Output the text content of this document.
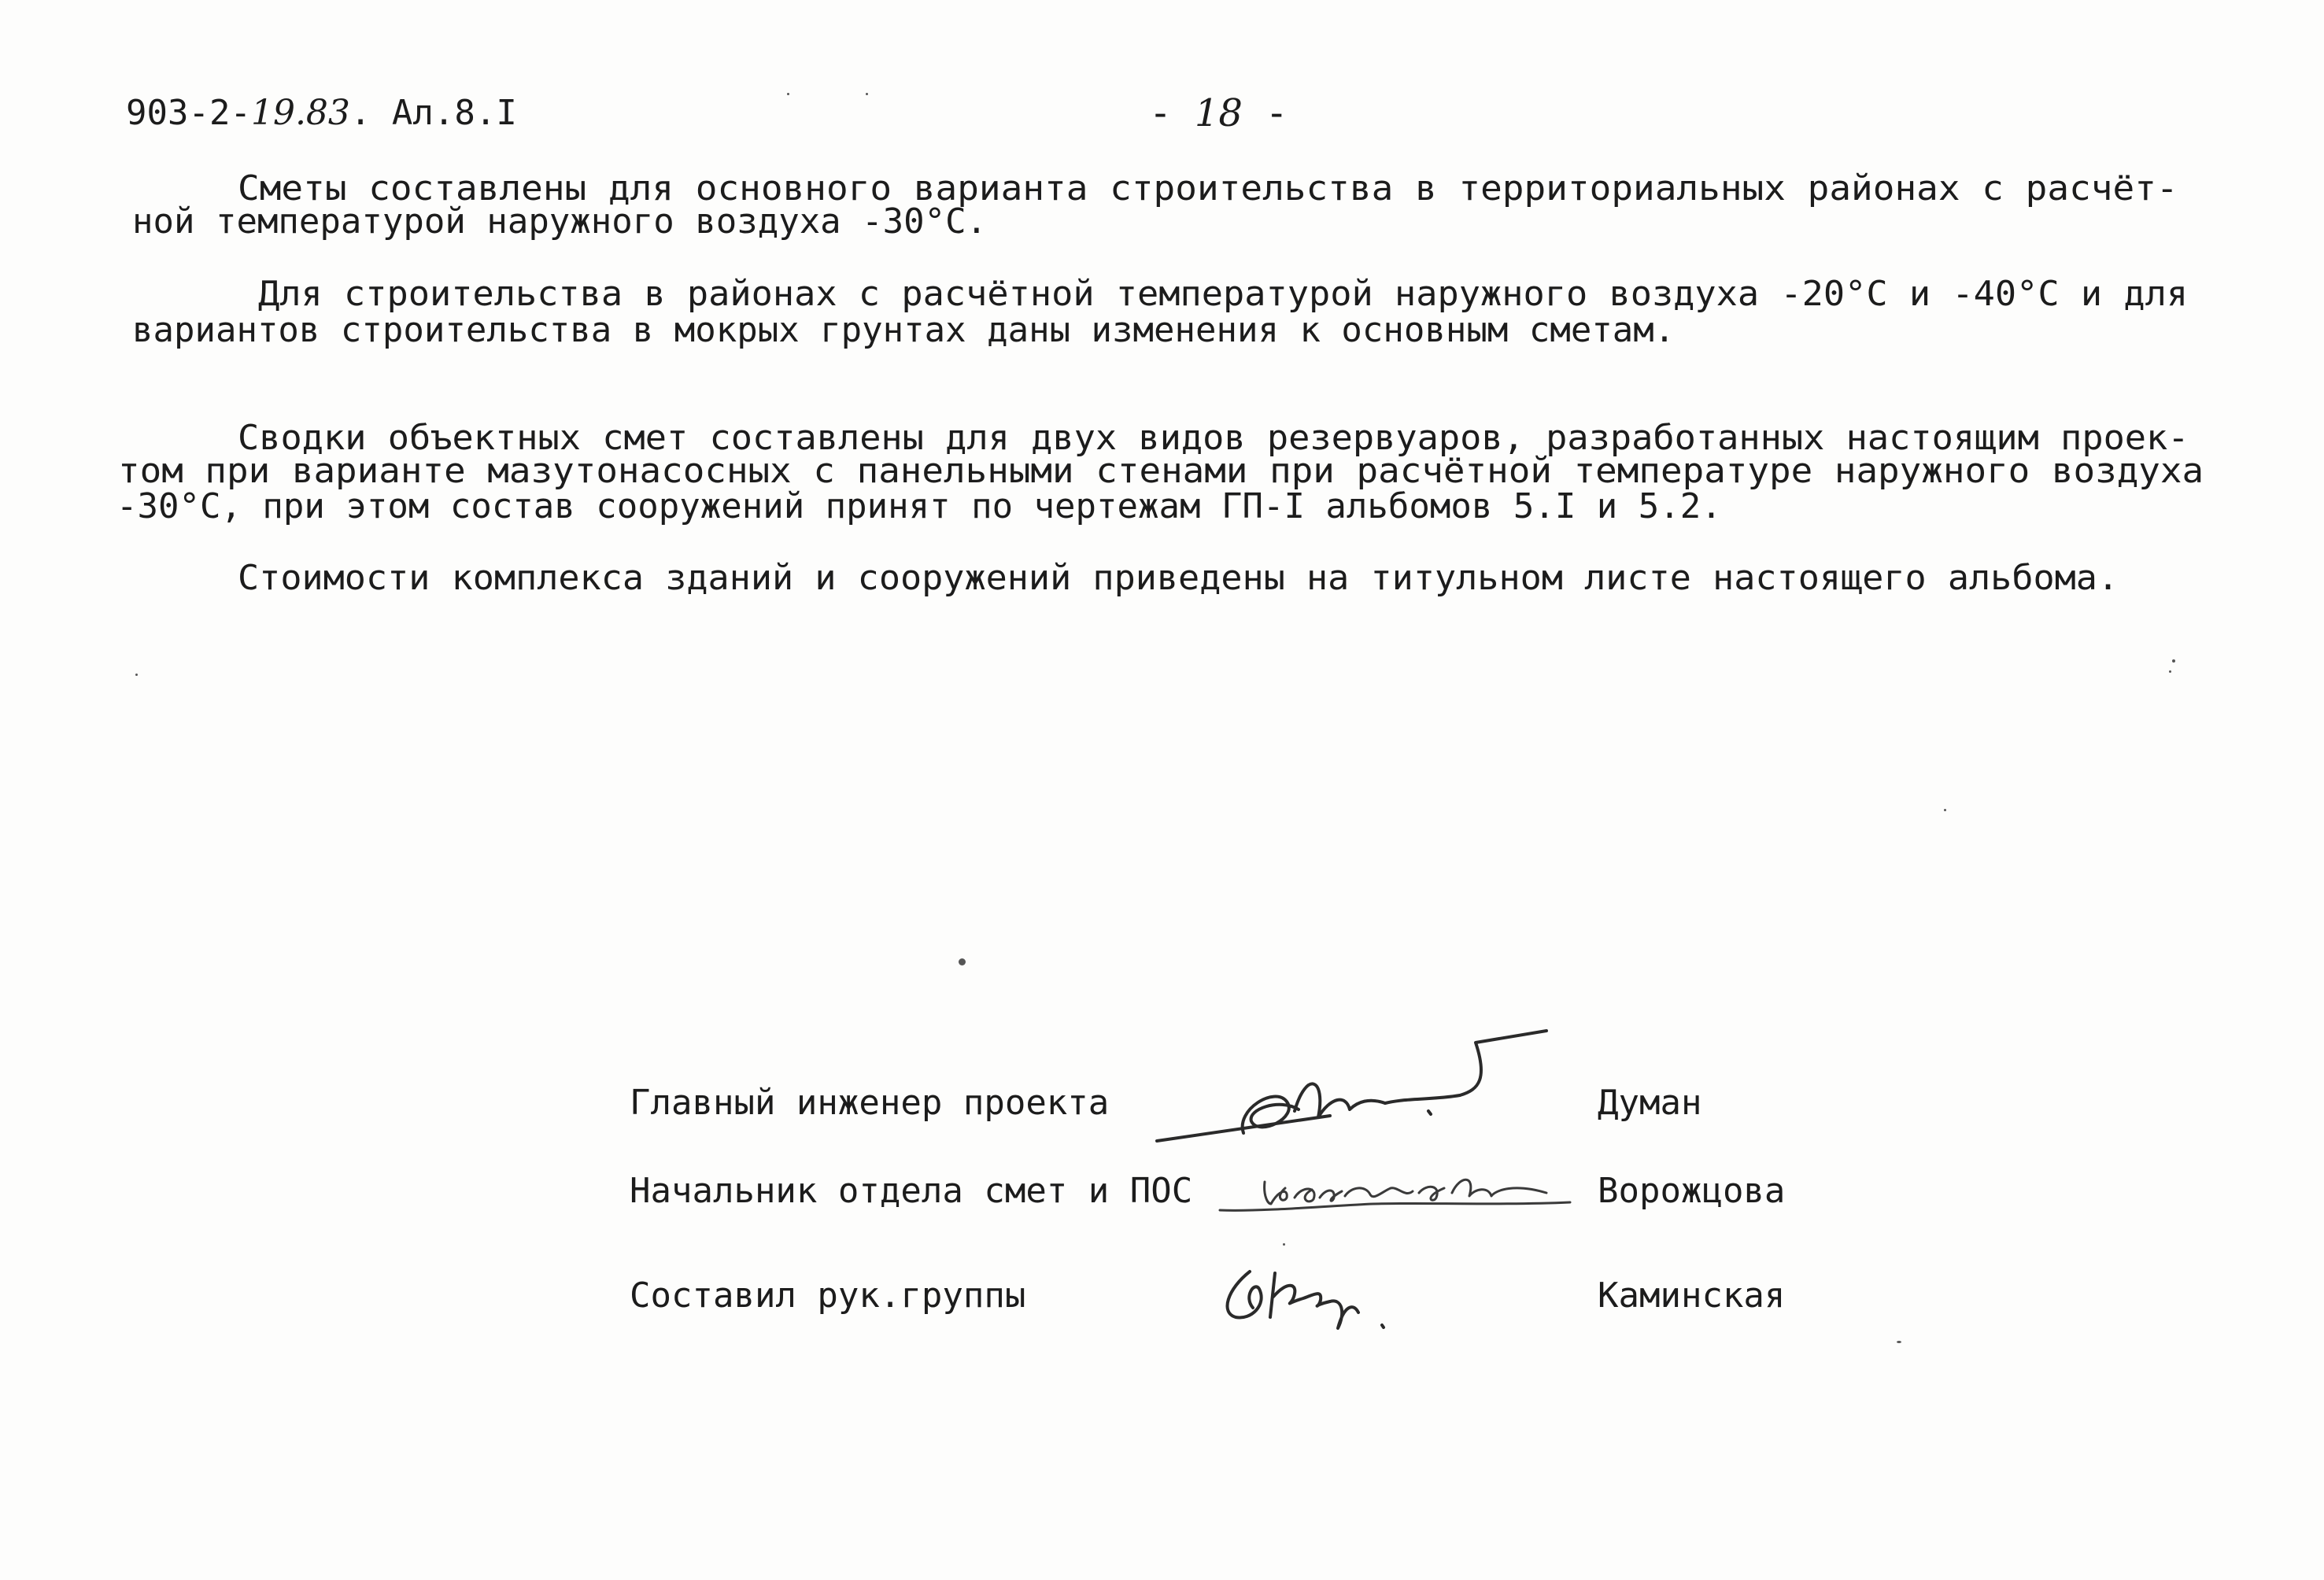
903-2-19.83. Ал.8.I	- 18 -
Сметы составлены для основного варианта строительства в территориальных районах с расчёт-
ной температурой наружного воздуха -30°С.
Для строительства в районах с расчётной температурой наружного воздуха -20°С и -40°С и для
вариантов строительства в мокрых грунтах даны изменения к основным сметам.
Сводки объектных смет составлены для двух видов резервуаров, разработанных настоящим проек-
том при варианте мазутонасосных с панельными стенами при расчётной температуре наружного воздуха
-30°С, при этом состав сооружений принят по чертежам ГП-I альбомов 5.I и 5.2.
Стоимости комплекса зданий и сооружений приведены на титульном листе настоящего альбома.
Главный инженер проекта	Думан
Начальник отдела смет и ПОС	Ворожцова
Составил рук.группы	Каминская
